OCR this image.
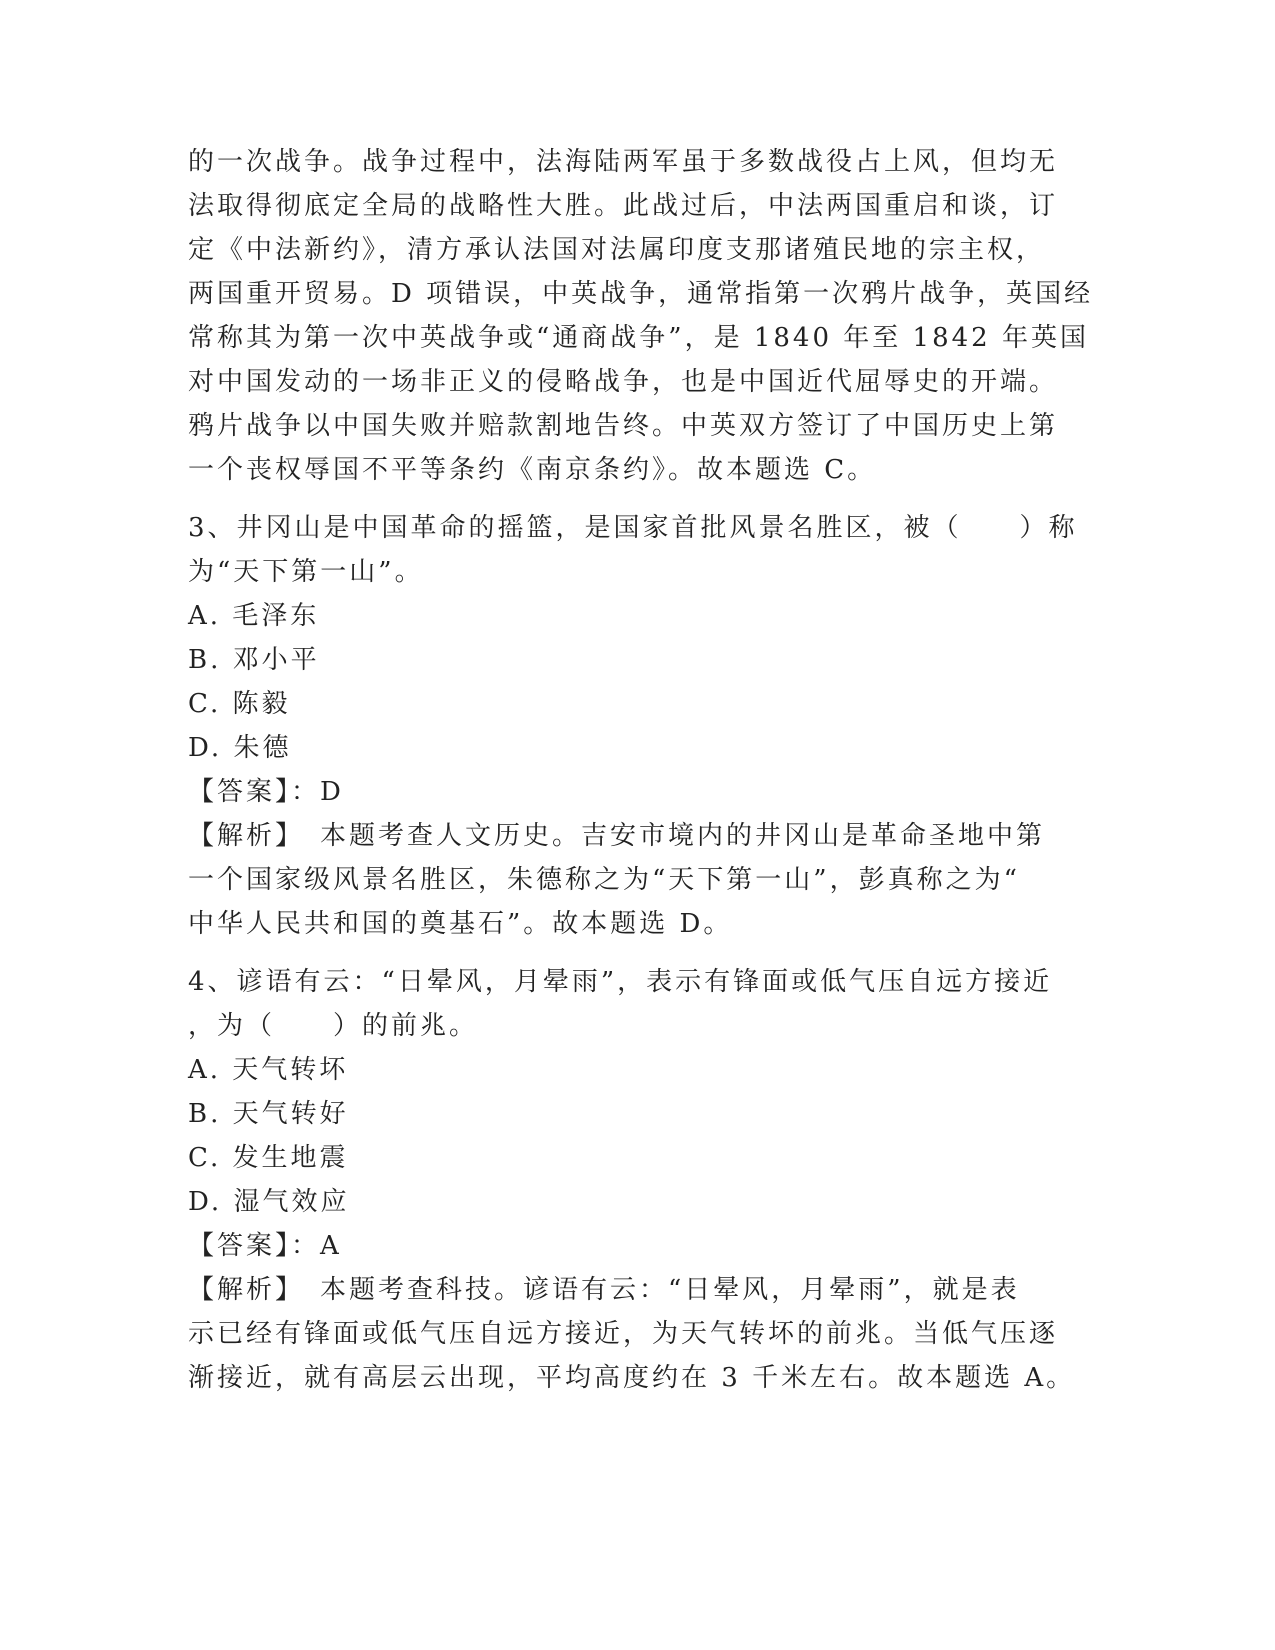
的一次战争。战争过程中，法海陆两军虽于多数战役占上风，但均无
法取得彻底定全局的战略性大胜。此战过后，中法两国重启和谈，订
定《中法新约》，清方承认法国对法属印度支那诸殖民地的宗主权，
两国重开贸易。D 项错误，中英战争，通常指第一次鸦片战争，英国经
常称其为第一次中英战争或“通商战争”，是 1840 年至 1842 年英国
对中国发动的一场非正义的侵略战争，也是中国近代屈辱史的开端。
鸦片战争以中国失败并赔款割地告终。中英双方签订了中国历史上第
一个丧权辱国不平等条约《南京条约》。故本题选 C。
3、井冈山是中国革命的摇篮，是国家首批风景名胜区，被（　　）称
为“天下第一山”。
A. 毛泽东
B. 邓小平
C. 陈毅
D. 朱德
【答案】：D
【解析】　本题考查人文历史。吉安市境内的井冈山是革命圣地中第
一个国家级风景名胜区，朱德称之为“天下第一山”，彭真称之为“
中华人民共和国的奠基石”。故本题选 D。
4、谚语有云：“日晕风，月晕雨”，表示有锋面或低气压自远方接近
，为（　　）的前兆。
A. 天气转坏
B. 天气转好
C. 发生地震
D. 湿气效应
【答案】：A
【解析】　本题考查科技。谚语有云：“日晕风，月晕雨”，就是表
示已经有锋面或低气压自远方接近，为天气转坏的前兆。当低气压逐
渐接近，就有高层云出现，平均高度约在 3 千米左右。故本题选 A。
